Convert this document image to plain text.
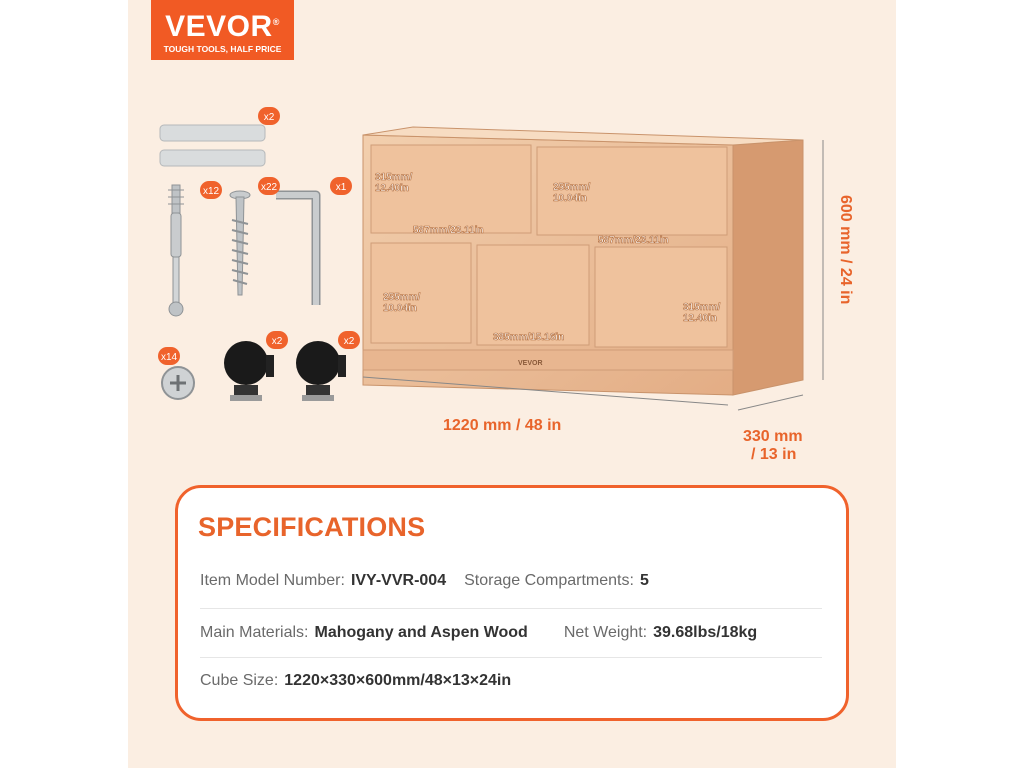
VEVOR®
TOUGH TOOLS, HALF PRICE
x2
x12	x22	x1
x14
x2	x2
VEVOR
315mm/ 12.40in	255mm/ 10.04in
587mm/23.11in
587mm/23.11in
255mm/ 10.04in
385mm/15.16in
315mm/ 12.40in
1220 mm / 48 in
330 mm
/ 13 in
600 mm / 24 in
SPECIFICATIONS
Item Model Number: IVY-VVR-004 Storage Compartments: 5
Main Materials: Mahogany and Aspen Wood Net Weight: 39.68lbs/18kg
Cube Size: 1220×330×600mm/48×13×24in
